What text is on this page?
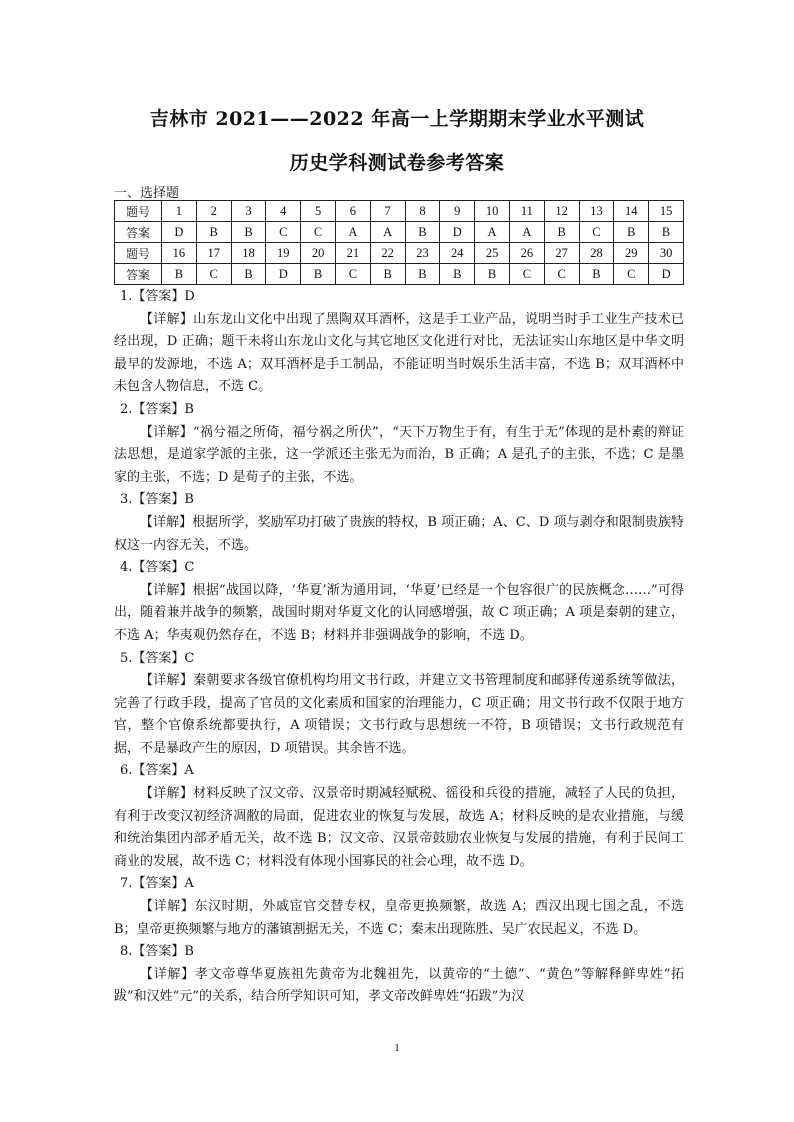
吉林市 2021——2022 年高一上学期期末学业水平测试
历史学科测试卷参考答案
一、选择题
题号	1	2	3	4	5	6	7	8	9	10	11	12	13	14	15
答案	D	B	B	C	C	A	A	B	D	A	A	B	C	B	B
题号	16	17	18	19	20	21	22	23	24	25	26	27	28	29	30
答案	B	C	B	D	B	C	B	B	B	B	C	C	B	C	D

1.【答案】D

【详解】山东龙山文化中出现了黑陶双耳酒杯，这是手工业产品，说明当时手工业生产技术已经出现，D 正确；题干未将山东龙山文化与其它地区文化进行对比，无法证实山东地区是中华文明最早的发源地，不选 A；双耳酒杯是手工制品，不能证明当时娱乐生活丰富，不选 B；双耳酒杯中未包含人物信息，不选 C。

2.【答案】B

【详解】“祸兮福之所倚，福兮祸之所伏”，“天下万物生于有，有生于无”体现的是朴素的辩证法思想，是道家学派的主张，这一学派还主张无为而治，B 正确；A 是孔子的主张，不选；C 是墨家的主张，不选；D 是荀子的主张，不选。

3.【答案】B

【详解】根据所学，奖励军功打破了贵族的特权，B 项正确；A、C、D 项与剥夺和限制贵族特权这一内容无关，不选。

4.【答案】C

【详解】根据“战国以降，‘华夏’渐为通用词，‘华夏’已经是一个包容很广的民族概念……”可得出，随着兼并战争的频繁，战国时期对华夏文化的认同感增强，故 C 项正确；A 项是秦朝的建立，不选 A；华夷观仍然存在，不选 B；材料并非强调战争的影响，不选 D。

5.【答案】C

【详解】秦朝要求各级官僚机构均用文书行政，并建立文书管理制度和邮驿传递系统等做法，完善了行政手段，提高了官员的文化素质和国家的治理能力，C 项正确；用文书行政不仅限于地方官，整个官僚系统都要执行，A 项错误；文书行政与思想统一不符，B 项错误；文书行政规范有据，不是暴政产生的原因，D 项错误。其余皆不选。

6.【答案】A

【详解】材料反映了汉文帝、汉景帝时期减轻赋税、徭役和兵役的措施，减轻了人民的负担，有利于改变汉初经济凋敝的局面，促进农业的恢复与发展，故选 A；材料反映的是农业措施，与缓和统治集团内部矛盾无关，故不选 B；汉文帝、汉景帝鼓励农业恢复与发展的措施，有利于民间工商业的发展，故不选 C；材料没有体现小国寡民的社会心理，故不选 D。

7.【答案】A

【详解】东汉时期，外戚宦官交替专权，皇帝更换频繁，故选 A；西汉出现七国之乱，不选 B；皇帝更换频繁与地方的藩镇割据无关，不选 C；秦末出现陈胜、吴广农民起义，不选 D。

8.【答案】B

【详解】孝文帝尊华夏族祖先黄帝为北魏祖先，以黄帝的“土德”、“黄色”等解释鲜卑姓“拓跋”和汉姓“元”的关系，结合所学知识可知，孝文帝改鲜卑姓“拓跋”为汉

1
